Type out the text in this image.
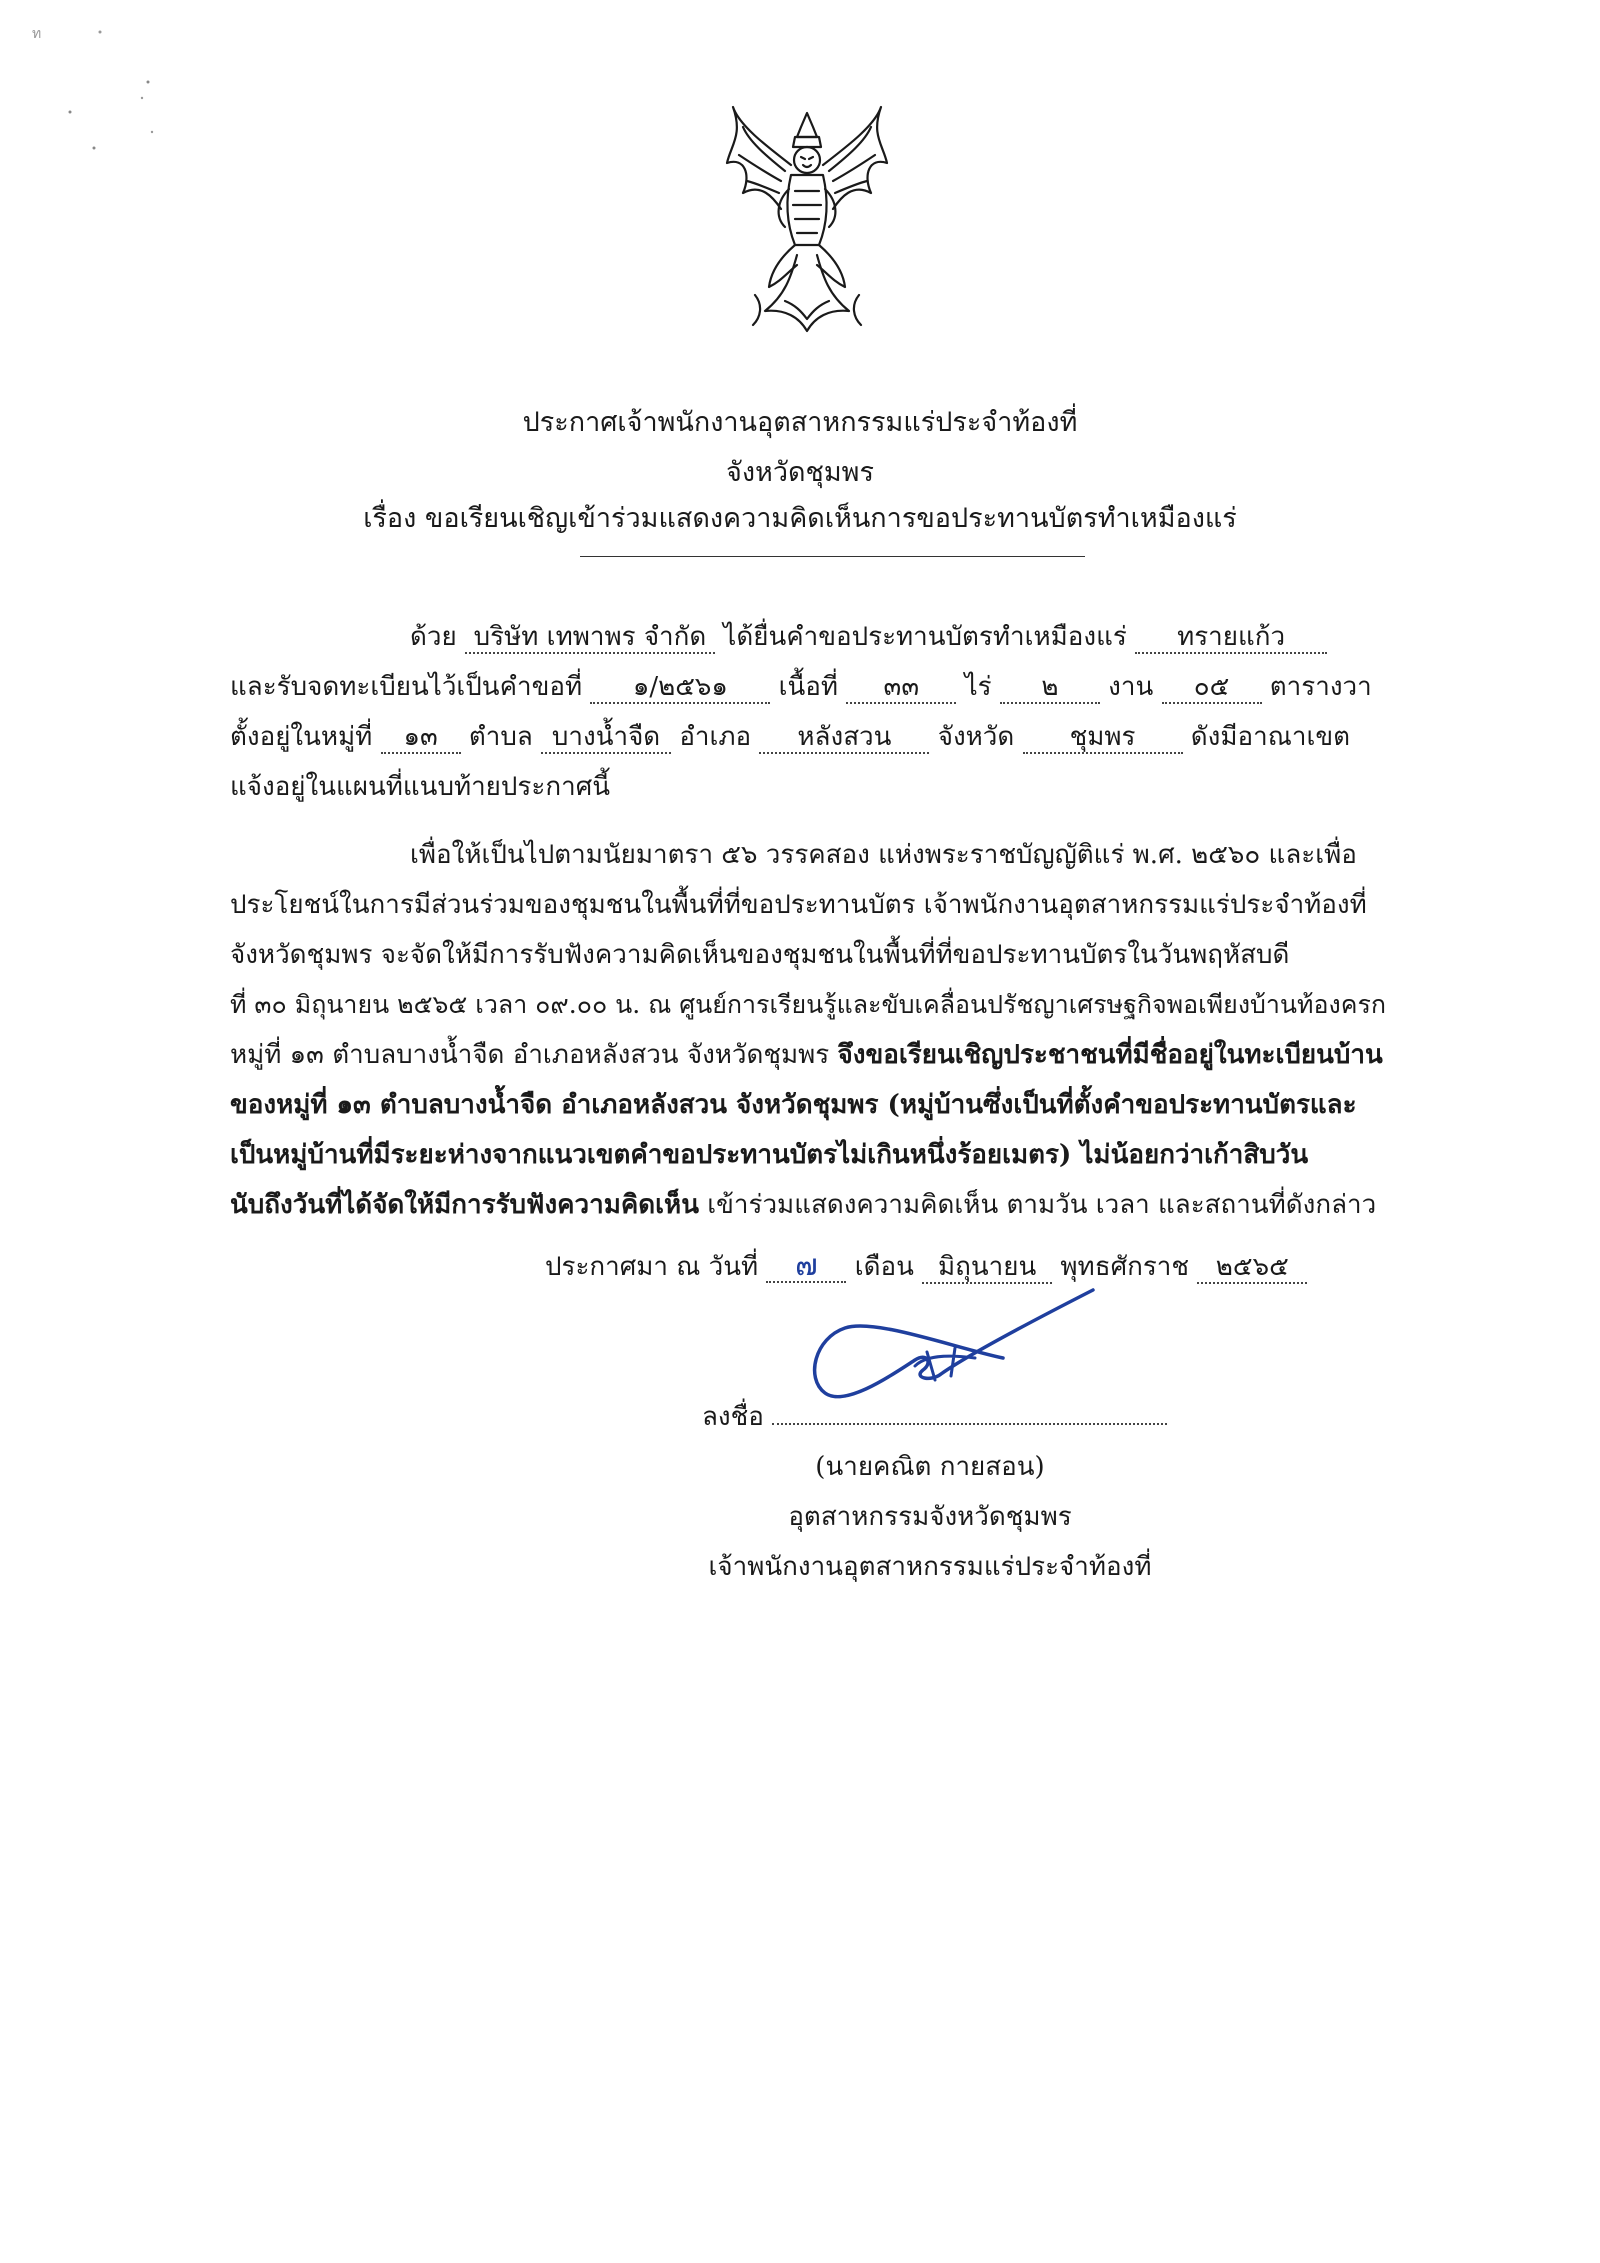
ท
ประกาศเจ้าพนักงานอุตสาหกรรมแร่ประจำท้องที่
จังหวัดชุมพร
เรื่อง ขอเรียนเชิญเข้าร่วมแสดงความคิดเห็นการขอประทานบัตรทำเหมืองแร่
ด้วย บริษัท เทพาพร จำกัด ได้ยื่นคำขอประทานบัตรทำเหมืองแร่ ทรายแก้ว
และรับจดทะเบียนไว้เป็นคำขอที่ ๑/๒๕๖๑ เนื้อที่ ๓๓ ไร่ ๒ งาน ๐๕ ตารางวา
ตั้งอยู่ในหมู่ที่ ๑๓ ตำบล บางน้ำจืด อำเภอ หลังสวน จังหวัด ชุมพร ดังมีอาณาเขต
แจ้งอยู่ในแผนที่แนบท้ายประกาศนี้
เพื่อให้เป็นไปตามนัยมาตรา ๕๖ วรรคสอง แห่งพระราชบัญญัติแร่ พ.ศ. ๒๕๖๐ และเพื่อ
ประโยชน์ในการมีส่วนร่วมของชุมชนในพื้นที่ที่ขอประทานบัตร เจ้าพนักงานอุตสาหกรรมแร่ประจำท้องที่
จังหวัดชุมพร จะจัดให้มีการรับฟังความคิดเห็นของชุมชนในพื้นที่ที่ขอประทานบัตรในวันพฤหัสบดี
ที่ ๓๐ มิถุนายน ๒๕๖๕ เวลา ๐๙.๐๐ น. ณ ศูนย์การเรียนรู้และขับเคลื่อนปรัชญาเศรษฐกิจพอเพียงบ้านท้องครก
หมู่ที่ ๑๓ ตำบลบางน้ำจืด อำเภอหลังสวน จังหวัดชุมพร จึงขอเรียนเชิญประชาชนที่มีชื่ออยู่ในทะเบียนบ้าน
ของหมู่ที่ ๑๓ ตำบลบางน้ำจืด อำเภอหลังสวน จังหวัดชุมพร (หมู่บ้านซึ่งเป็นที่ตั้งคำขอประทานบัตรและ
เป็นหมู่บ้านที่มีระยะห่างจากแนวเขตคำขอประทานบัตรไม่เกินหนึ่งร้อยเมตร) ไม่น้อยกว่าเก้าสิบวัน
นับถึงวันที่ได้จัดให้มีการรับฟังความคิดเห็น เข้าร่วมแสดงความคิดเห็น ตามวัน เวลา และสถานที่ดังกล่าว
ประกาศมา ณ วันที่ ๗ เดือน มิถุนายน พุทธศักราช ๒๕๖๕
ลงชื่อ
(นายคณิต กายสอน)
อุตสาหกรรมจังหวัดชุมพร
เจ้าพนักงานอุตสาหกรรมแร่ประจำท้องที่
